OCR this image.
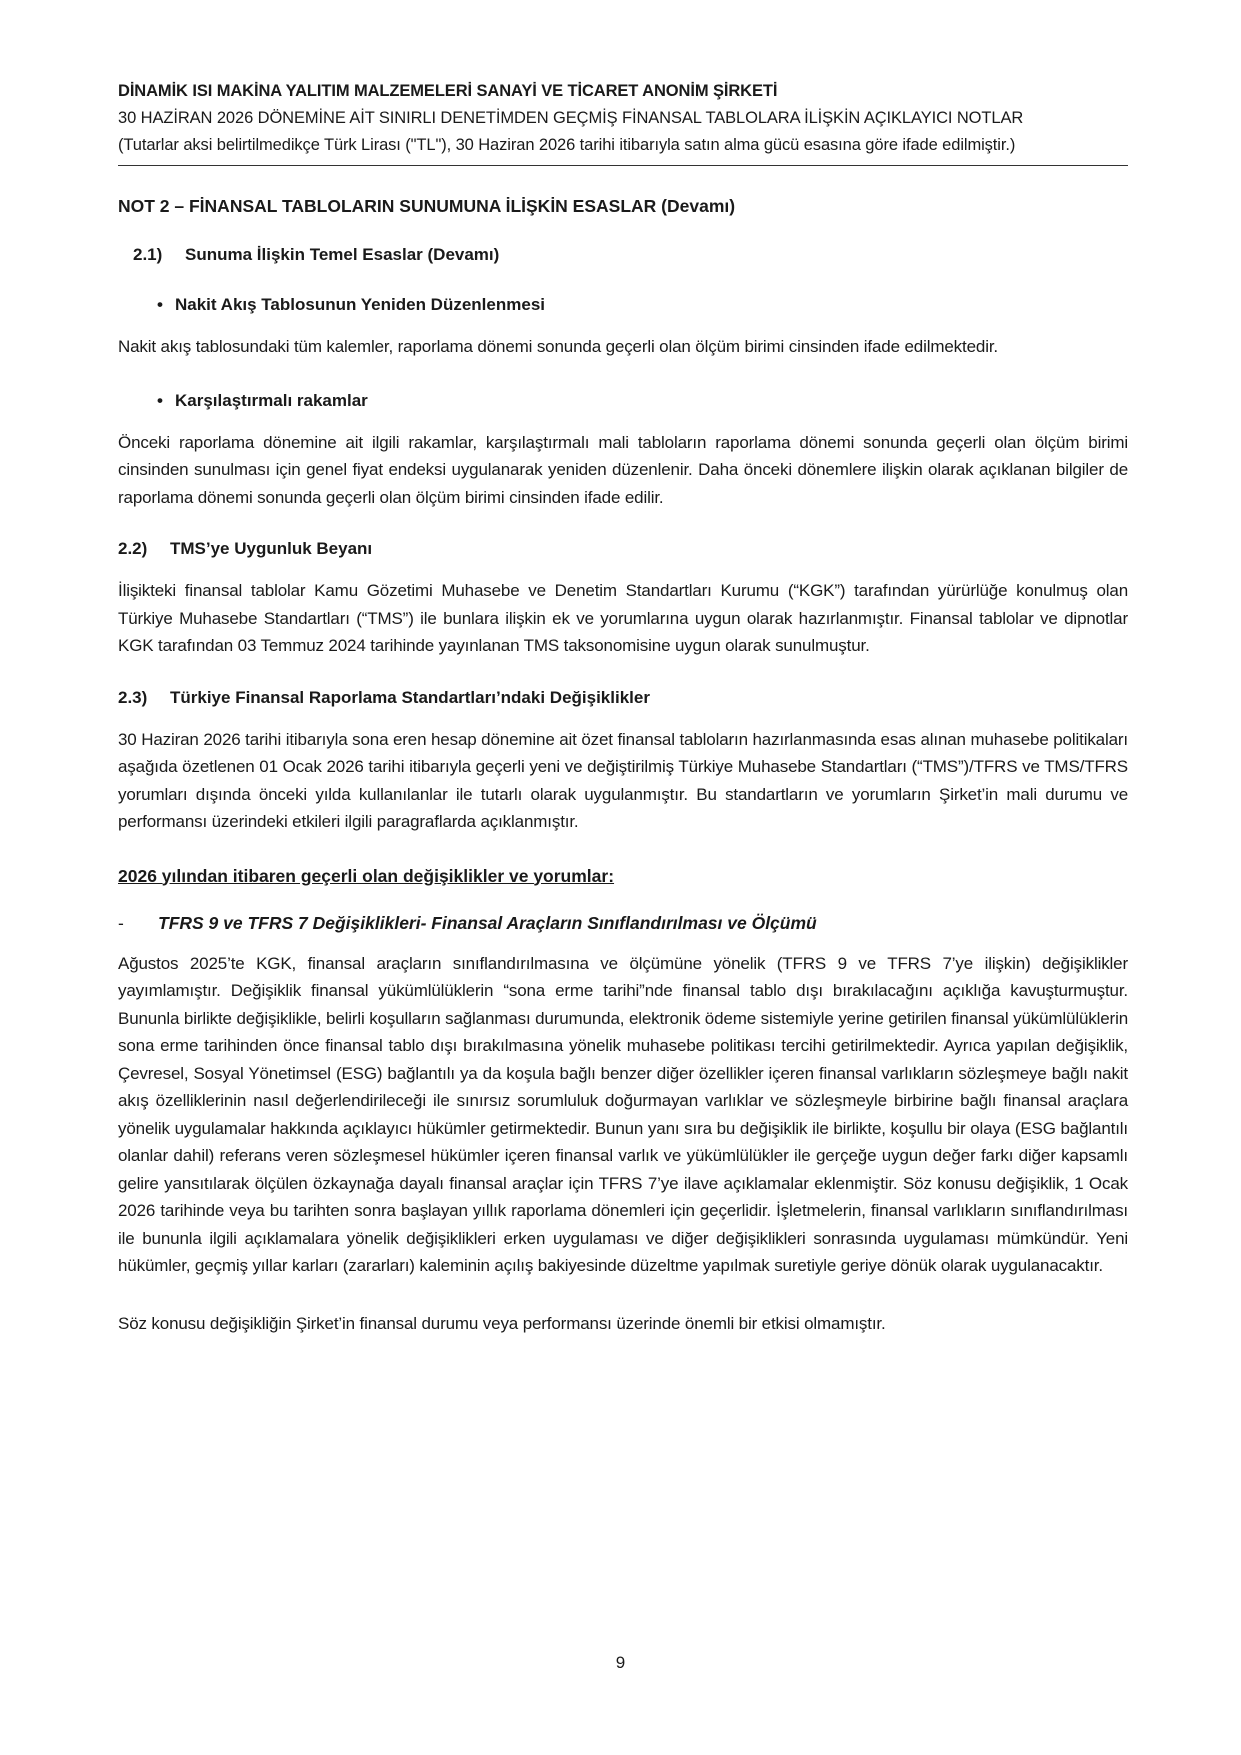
DİNAMİK ISI MAKİNA YALITIM MALZEMELERİ SANAYİ VE TİCARET ANONİM ŞİRKETİ
30 HAZİRAN 2026 DÖNEMİNE AİT SINIRLI DENETİMDEN GEÇMİŞ FİNANSAL TABLOLARA İLİŞKİN AÇIKLAYICI NOTLAR
(Tutarlar aksi belirtilmedikçe Türk Lirası ("TL"), 30 Haziran 2026 tarihi itibarıyla satın alma gücü esasına göre ifade edilmiştir.)
NOT 2 – FİNANSAL TABLOLARIN SUNUMUNA İLİŞKİN ESASLAR (Devamı)
2.1) Sunuma İlişkin Temel Esaslar (Devamı)
• Nakit Akış Tablosunun Yeniden Düzenlenmesi

Nakit akış tablosundaki tüm kalemler, raporlama dönemi sonunda geçerli olan ölçüm birimi cinsinden ifade edilmektedir.

• Karşılaştırmalı rakamlar

Önceki raporlama dönemine ait ilgili rakamlar, karşılaştırmalı mali tabloların raporlama dönemi sonunda geçerli olan ölçüm birimi cinsinden sunulması için genel fiyat endeksi uygulanarak yeniden düzenlenir. Daha önceki dönemlere ilişkin olarak açıklanan bilgiler de raporlama dönemi sonunda geçerli olan ölçüm birimi cinsinden ifade edilir.

2.2) TMS’ye Uygunluk Beyanı

İlişikteki finansal tablolar Kamu Gözetimi Muhasebe ve Denetim Standartları Kurumu (“KGK”) tarafından yürürlüğe konulmuş olan Türkiye Muhasebe Standartları (“TMS”) ile bunlara ilişkin ek ve yorumlarına uygun olarak hazırlanmıştır. Finansal tablolar ve dipnotlar KGK tarafından 03 Temmuz 2024 tarihinde yayınlanan TMS taksonomisine uygun olarak sunulmuştur.

2.3) Türkiye Finansal Raporlama Standartları’ndaki Değişiklikler

30 Haziran 2026 tarihi itibarıyla sona eren hesap dönemine ait özet finansal tabloların hazırlanmasında esas alınan muhasebe politikaları aşağıda özetlenen 01 Ocak 2026 tarihi itibarıyla geçerli yeni ve değiştirilmiş Türkiye Muhasebe Standartları (“TMS”)/TFRS ve TMS/TFRS yorumları dışında önceki yılda kullanılanlar ile tutarlı olarak uygulanmıştır. Bu standartların ve yorumların Şirket’in mali durumu ve performansı üzerindeki etkileri ilgili paragraflarda açıklanmıştır.

2026 yılından itibaren geçerli olan değişiklikler ve yorumlar:
- TFRS 9 ve TFRS 7 Değişiklikleri- Finansal Araçların Sınıflandırılması ve Ölçümü

Ağustos 2025’te KGK, finansal araçların sınıflandırılmasına ve ölçümüne yönelik (TFRS 9 ve TFRS 7’ye ilişkin) değişiklikler yayımlamıştır. Değişiklik finansal yükümlülüklerin “sona erme tarihi”nde finansal tablo dışı bırakılacağını açıklığa kavuşturmuştur. Bununla birlikte değişiklikle, belirli koşulların sağlanması durumunda, elektronik ödeme sistemiyle yerine getirilen finansal yükümlülüklerin sona erme tarihinden önce finansal tablo dışı bırakılmasına yönelik muhasebe politikası tercihi getirilmektedir. Ayrıca yapılan değişiklik, Çevresel, Sosyal Yönetimsel (ESG) bağlantılı ya da koşula bağlı benzer diğer özellikler içeren finansal varlıkların sözleşmeye bağlı nakit akış özelliklerinin nasıl değerlendirileceği ile sınırsız sorumluluk doğurmayan varlıklar ve sözleşmeyle birbirine bağlı finansal araçlara yönelik uygulamalar hakkında açıklayıcı hükümler getirmektedir. Bunun yanı sıra bu değişiklik ile birlikte, koşullu bir olaya (ESG bağlantılı olanlar dahil) referans veren sözleşmesel hükümler içeren finansal varlık ve yükümlülükler ile gerçeğe uygun değer farkı diğer kapsamlı gelire yansıtılarak ölçülen özkaynağa dayalı finansal araçlar için TFRS 7’ye ilave açıklamalar eklenmiştir. Söz konusu değişiklik, 1 Ocak 2026 tarihinde veya bu tarihten sonra başlayan yıllık raporlama dönemleri için geçerlidir. İşletmelerin, finansal varlıkların sınıflandırılması ile bununla ilgili açıklamalara yönelik değişiklikleri erken uygulaması ve diğer değişiklikleri sonrasında uygulaması mümkündür. Yeni hükümler, geçmiş yıllar karları (zararları) kaleminin açılış bakiyesinde düzeltme yapılmak suretiyle geriye dönük olarak uygulanacaktır.

Söz konusu değişikliğin Şirket’in finansal durumu veya performansı üzerinde önemli bir etkisi olmamıştır.

9
